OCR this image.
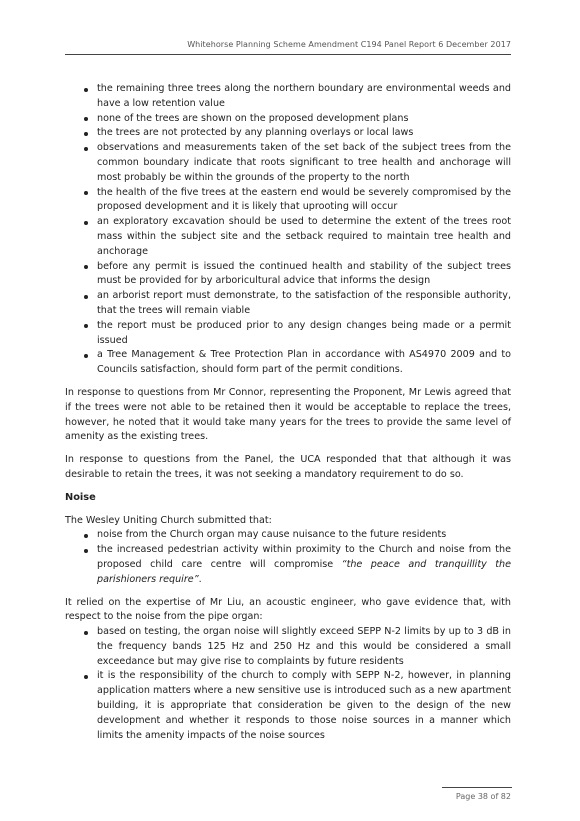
Whitehorse Planning Scheme Amendment C194 Panel Report 6 December 2017
the remaining three trees along the northern boundary are environmental weeds and have a low retention value
none of the trees are shown on the proposed development plans
the trees are not protected by any planning overlays or local laws
observations and measurements taken of the set back of the subject trees from the common boundary indicate that roots significant to tree health and anchorage will most probably be within the grounds of the property to the north
the health of the five trees at the eastern end would be severely compromised by the proposed development and it is likely that uprooting will occur
an exploratory excavation should be used to determine the extent of the trees root mass within the subject site and the setback required to maintain tree health and anchorage
before any permit is issued the continued health and stability of the subject trees must be provided for by arboricultural advice that informs the design
an arborist report must demonstrate, to the satisfaction of the responsible authority, that the trees will remain viable
the report must be produced prior to any design changes being made or a permit issued
a Tree Management & Tree Protection Plan in accordance with AS4970 2009 and to Councils satisfaction, should form part of the permit conditions.

In response to questions from Mr Connor, representing the Proponent, Mr Lewis agreed that if the trees were not able to be retained then it would be acceptable to replace the trees, however, he noted that it would take many years for the trees to provide the same level of amenity as the existing trees.

In response to questions from the Panel, the UCA responded that that although it was desirable to retain the trees, it was not seeking a mandatory requirement to do so.

Noise

The Wesley Uniting Church submitted that:

noise from the Church organ may cause nuisance to the future residents
the increased pedestrian activity within proximity to the Church and noise from the proposed child care centre will compromise “the peace and tranquillity the parishioners require”.

It relied on the expertise of Mr Liu, an acoustic engineer, who gave evidence that, with respect to the noise from the pipe organ:

based on testing, the organ noise will slightly exceed SEPP N-2 limits by up to 3 dB in the frequency bands 125 Hz and 250 Hz and this would be considered a small exceedance but may give rise to complaints by future residents
it is the responsibility of the church to comply with SEPP N-2, however, in planning application matters where a new sensitive use is introduced such as a new apartment building, it is appropriate that consideration be given to the design of the new development and whether it responds to those noise sources in a manner which limits the amenity impacts of the noise sources
Page 38 of 82
